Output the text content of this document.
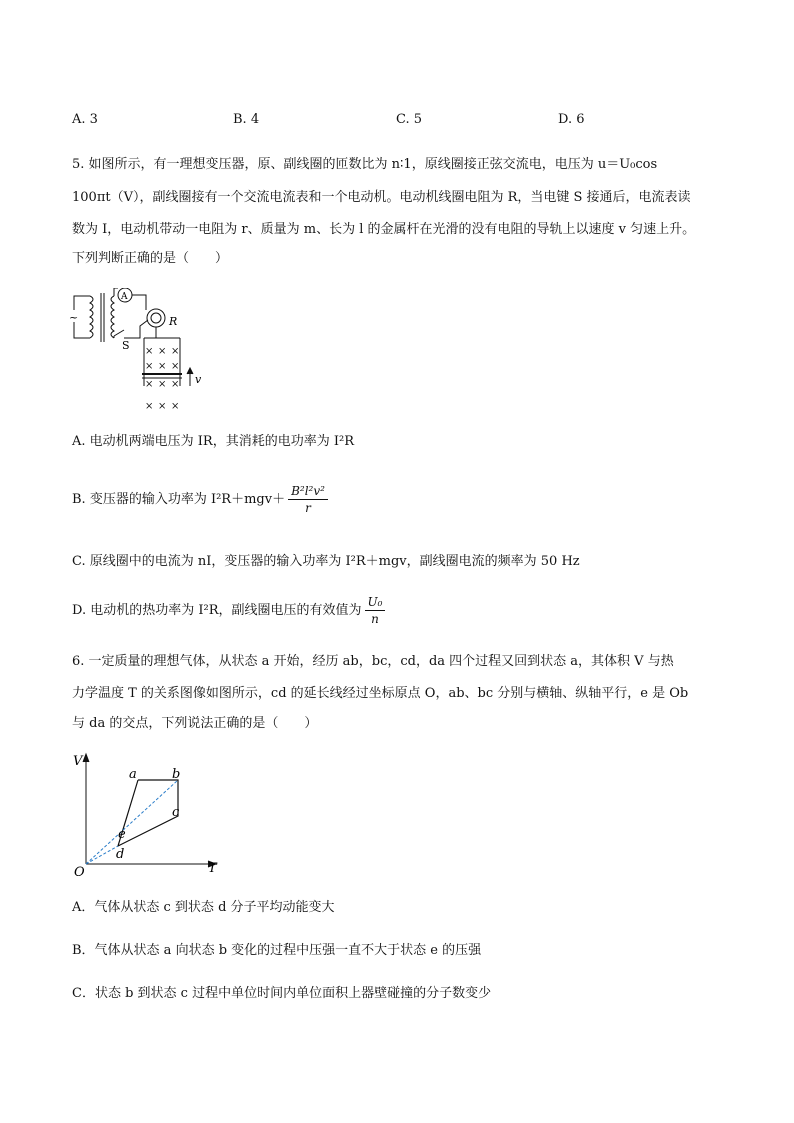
A. 3	B. 4	C. 5	D. 6
5. 如图所示，有一理想变压器，原、副线圈的匝数比为 n∶1，原线圈接正弦交流电，电压为 u＝U₀cos
100πt（V），副线圈接有一个交流电流表和一个电动机。电动机线圈电阻为 R，当电键 S 接通后，电流表读
数为 I，电动机带动一电阻为 r、质量为 m、长为 l 的金属杆在光滑的没有电阻的导轨上以速度 v 匀速上升。
下列判断正确的是（　　）
~
A
S
R
v
× × ×
× × ×
× × ×
× × ×
A. 电动机两端电压为 IR，其消耗的电功率为 I²R
B. 变压器的输入功率为 $I^2R+mgv+ \frac{\text{B²l²v²}}{r}$
C. 原线圈中的电流为 nI，变压器的输入功率为 I²R＋mgv，副线圈电流的频率为 50 Hz
D. 电动机的热功率为 I²R，副线圈电压的有效值为 $\frac{\text{U₀}}{n}$
6. 一定质量的理想气体，从状态 a 开始，经历 ab，bc，cd，da 四个过程又回到状态 a，其体积 V 与热
力学温度 T 的关系图像如图所示，cd 的延长线经过坐标原点 O，ab、bc 分别与横轴、纵轴平行，e 是 Ob
与 da 的交点，下列说法正确的是（　　）
V
T
O
a	b
c
d
e
A．气体从状态 c 到状态 d 分子平均动能变大
B．气体从状态 a 向状态 b 变化的过程中压强一直不大于状态 e 的压强
C．状态 b 到状态 c 过程中单位时间内单位面积上器壁碰撞的分子数变少
